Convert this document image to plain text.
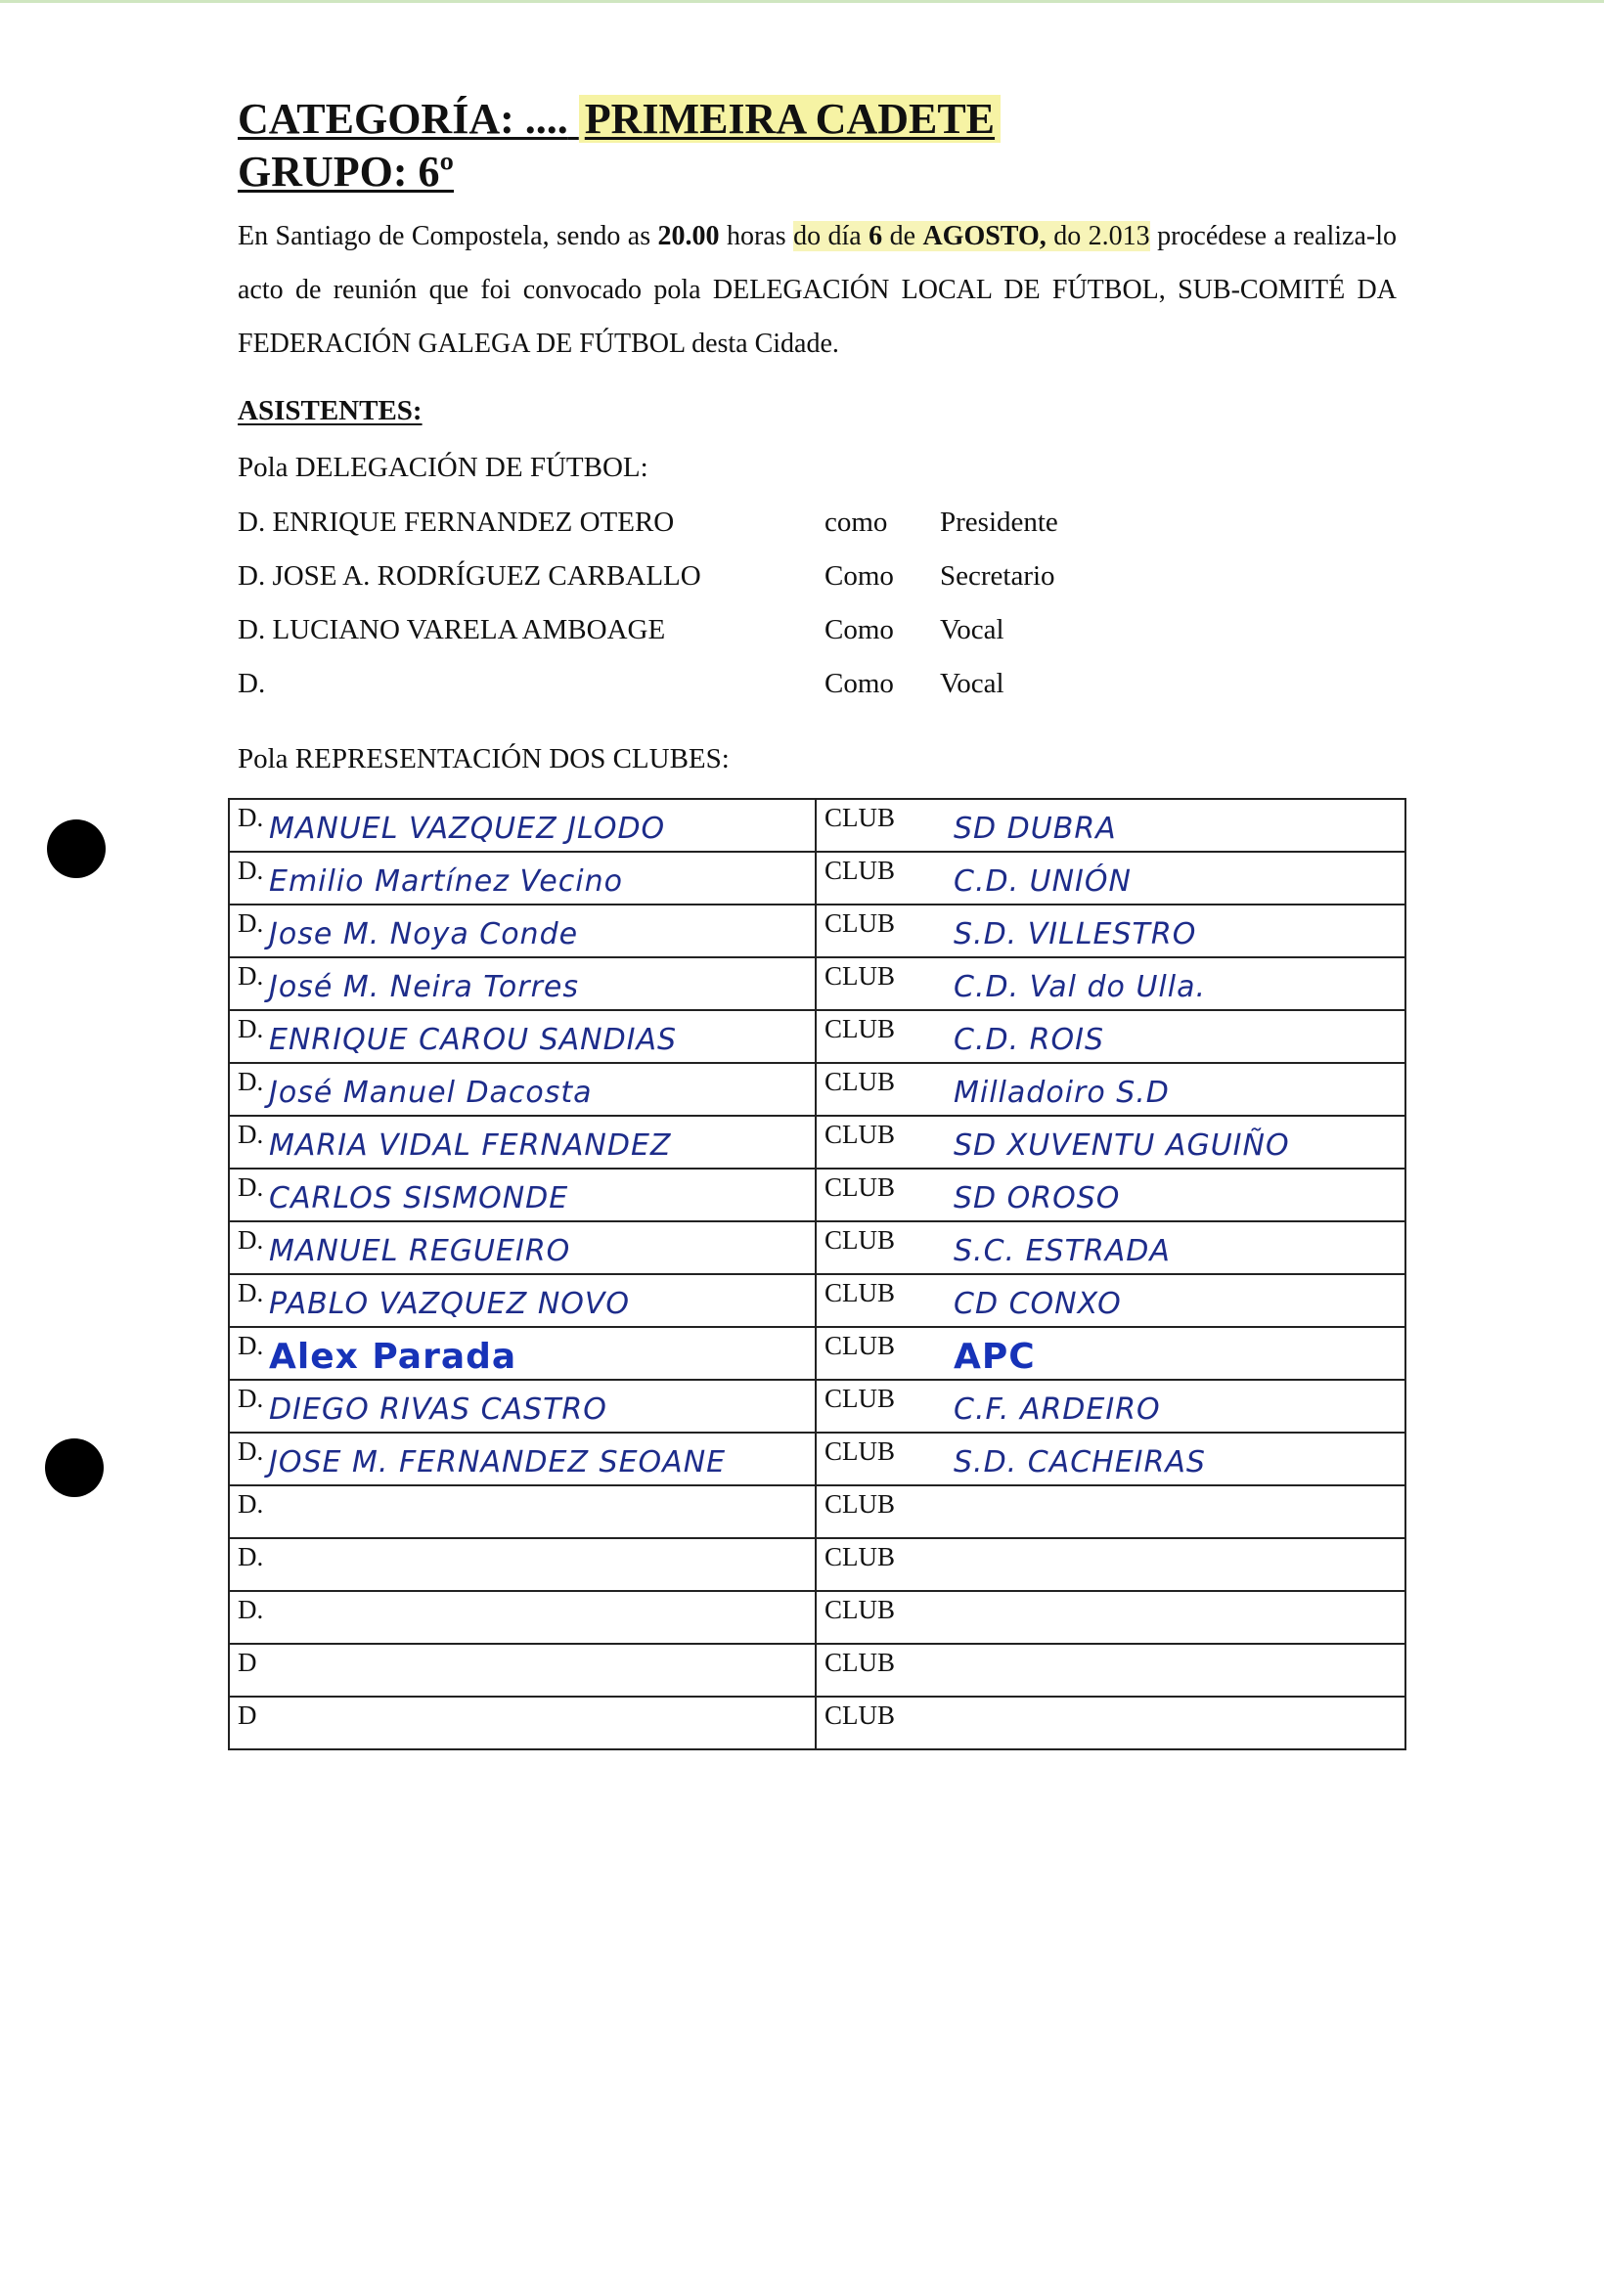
CATEGORÍA: .... PRIMEIRA CADETE
GRUPO: 6º
En Santiago de Compostela, sendo as 20.00 horas do día 6 de AGOSTO, do 2.013 procédese a realiza-lo acto de reunión que foi convocado pola DELEGACIÓN LOCAL DE FÚTBOL, SUB-COMITÉ DA FEDERACIÓN GALEGA DE FÚTBOL desta Cidade.
ASISTENTES:
Pola DELEGACIÓN DE FÚTBOL:
D. ENRIQUE FERNANDEZ OTERO	como Presidente
D. JOSE A. RODRÍGUEZ CARBALLO	Como Secretario
D. LUCIANO VARELA AMBOAGE	Como Vocal
D.	Como Vocal
Pola REPRESENTACIÓN DOS CLUBES:
D. MANUEL VAZQUEZ JLODO	CLUB SD DUBRA

D. Emilio Martínez Vecino	CLUB C.D. UNIÓN

D. Jose M. Noya Conde	CLUB S.D. VILLESTRO

D. José M. Neira Torres	CLUB C.D. Val do Ulla.

D. ENRIQUE CAROU SANDIAS	CLUB C.D. ROIS

D. José Manuel Dacosta	CLUB Milladoiro S.D

D. MARIA VIDAL FERNANDEZ	CLUB SD XUVENTU AGUIÑO

D. CARLOS SISMONDE	CLUB SD OROSO

D. MANUEL REGUEIRO	CLUB S.C. ESTRADA

D. PABLO VAZQUEZ NOVO	CLUB CD CONXO

D. Alex Parada	CLUB APC

D. DIEGO RIVAS CASTRO	CLUB C.F. ARDEIRO

D. JOSE M. FERNANDEZ SEOANE	CLUB S.D. CACHEIRAS

D.	CLUB

D.	CLUB

D.	CLUB

D	CLUB

D	CLUB
